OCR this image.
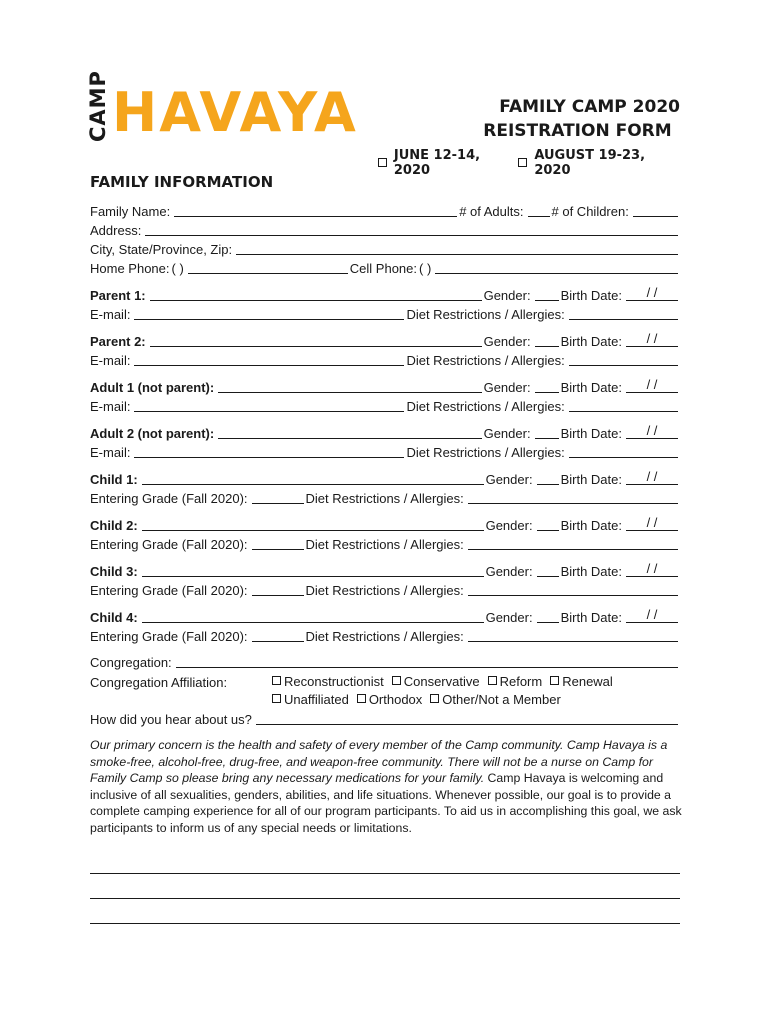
CAMP HAVAYA	FAMILY CAMP 2020
REISTRATION FORM
JUNE 12-14, 2020
AUGUST 19-23, 2020
FAMILY INFORMATION
Family Name:	# of Adults: # of Children:
Address:
City, State/Province, Zip:
Home Phone: ( )	Cell Phone: ( )
Parent 1:	Gender: Birth Date:	/ /
E-mail:	Diet Restrictions / Allergies:
Parent 2:	Gender: Birth Date:	/ /
E-mail:	Diet Restrictions / Allergies:
Adult 1 (not parent):	Gender: Birth Date:	/ /
E-mail:	Diet Restrictions / Allergies:
Adult 2 (not parent):	Gender: Birth Date:	/ /
E-mail:	Diet Restrictions / Allergies:
Child 1:	Gender: Birth Date:	/ /
Entering Grade (Fall 2020):	Diet Restrictions / Allergies:
Child 2:	Gender: Birth Date:	/ /
Entering Grade (Fall 2020):	Diet Restrictions / Allergies:
Child 3:	Gender: Birth Date:	/ /
Entering Grade (Fall 2020):	Diet Restrictions / Allergies:
Child 4:	Gender: Birth Date:	/ /
Entering Grade (Fall 2020):	Diet Restrictions / Allergies:
Congregation:
Congregation Affiliation:	Reconstructionist Conservative Reform Renewal
Unaffiliated Orthodox Other/Not a Member
How did you hear about us?
Our primary concern is the health and safety of every member of the Camp community. Camp Havaya is a smoke-free, alcohol-free, drug-free, and weapon-free community. There will not be a nurse on Camp for Family Camp so please bring any necessary medications for your family. Camp Havaya is welcoming and inclusive of all sexualities, genders, abilities, and life situations. Whenever possible, our goal is to provide a complete camping experience for all of our program participants. To aid us in accomplishing this goal, we ask participants to inform us of any special needs or limitations.
